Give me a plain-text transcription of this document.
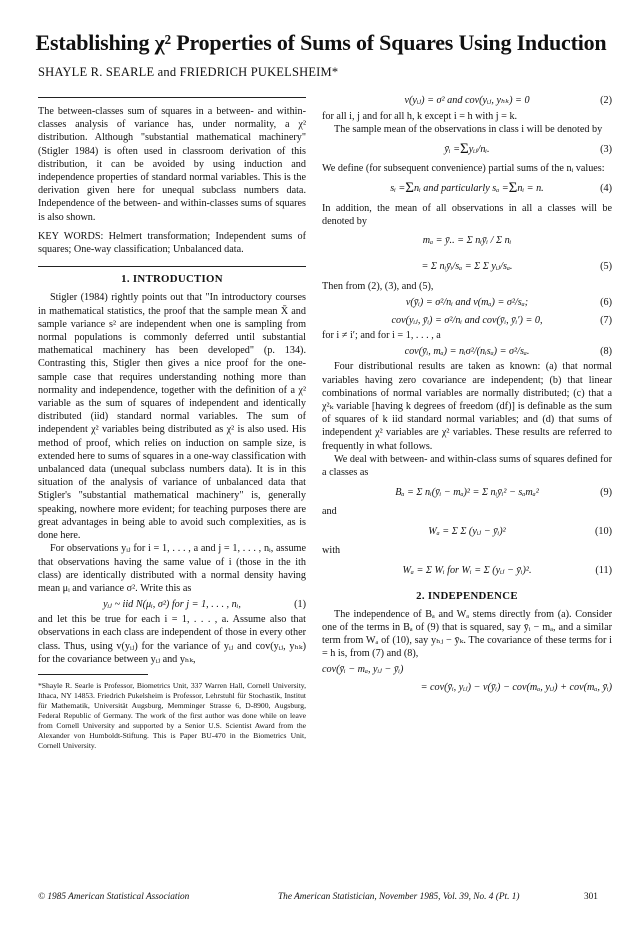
Establishing χ² Properties of Sums of Squares Using Induction
SHAYLE R. SEARLE and FRIEDRICH PUKELSHEIM*

The between-classes sum of squares in a between- and within-classes analysis of variance has, under normality, a χ² distribution. Although "substantial mathematical machinery" (Stigler 1984) is often used in classroom derivation of this distribution, it can be avoided by using induction and independence properties of standard normal variables. This is the derivation given here for unequal subclass numbers data. Independence of the between- and within-classes sums of squares is also shown.

KEY WORDS: Helmert transformation; Independent sums of squares; One-way classification; Unbalanced data.

1. INTRODUCTION

Stigler (1984) rightly points out that "In introductory courses in mathematical statistics, the proof that the sample mean X̄ and sample variance s² are independent when one is sampling from normal populations is commonly deferred until substantial mathematical machinery has been developed" (p. 134). Contrasting this, Stigler then gives a nice proof for the one-sample case that requires understanding nothing more than normality and independence, together with the definition of a χ² variable as the sum of squares of independent and identically distributed (iid) standard normal variables. The sum of independent χ² variables being distributed as χ² is also used. His method of proof, which relies on induction on sample size, is extended here to sums of squares in a one-way classification with unbalanced data (unequal subclass numbers data). It is in this situation of the analysis of variance of unbalanced data that Stigler's "substantial mathematical machinery" is, generally speaking, nowhere more evident; for teaching purposes there are great advantages in being able to avoid such complexities, as is done here.

For observations yᵢⱼ for i = 1, . . . , a and j = 1, . . . , nᵢ, assume that observations having the same value of i (those in the ith class) are identically distributed with a normal density having mean μᵢ and variance σ². Write this as

yᵢⱼ ~ iid N(μᵢ, σ²) for j = 1, . . . , nᵢ,	(1)

and let this be true for each i = 1, . . . , a. Assume also that observations in each class are independent of those in every other class. Thus, using v(yᵢⱼ) for the variance of yᵢⱼ and cov(yᵢⱼ, yₕₖ) for the covariance between yᵢⱼ and yₕₖ,

*Shayle R. Searle is Professor, Biometrics Unit, 337 Warren Hall, Cornell University, Ithaca, NY 14853. Friedrich Pukelsheim is Professor, Lehrstuhl für Stochastik, Institut für Mathematik, Universität Augsburg, Memminger Strasse 6, D-8900, Augsburg, Federal Republic of Germany. The work of the first author was done while on leave from Cornell University and supported by a Senior U.S. Scientist Award from the Alexander von Humboldt-Stiftung. This is Paper BU-470 in the Biometrics Unit, Cornell University.

v(yᵢⱼ) = σ² and cov(yᵢⱼ, yₕₖ) = 0	(2)

for all i, j and for all h, k except i = h with j = k.

The sample mean of the observations in class i will be denoted by

ȳᵢ = Σ yᵢⱼ/nᵢ.	(3)

We define (for subsequent convenience) partial sums of the nᵢ values:

sᵢ = Σ nᵢ and particularly sₐ = Σ nᵢ = n.	(4)

In addition, the mean of all observations in all a classes will be denoted by

mₐ = ȳ.. = Σ nᵢȳᵢ / Σ nᵢ
= Σ nᵢȳᵢ/sₐ = Σ Σ yᵢⱼ/sₐ.	(5)

Then from (2), (3), and (5),

v(ȳᵢ) = σ²/nᵢ and v(mₐ) = σ²/sₐ;	(6)
cov(yᵢⱼ, ȳᵢ) = σ²/nᵢ and cov(ȳᵢ, ȳᵢ′) = 0,	(7)

for i ≠ i′; and for i = 1, . . . , a

cov(ȳᵢ, mₐ) = nᵢσ²/(nᵢsₐ) = σ²/sₐ.	(8)

Four distributional results are taken as known: (a) that normal variables having zero covariance are independent; (b) that linear combinations of normal variables are normally distributed; (c) that a χ²ₖ variable [having k degrees of freedom (df)] is definable as the sum of squares of k iid standard normal variables; and (d) that sums of independent χ² variables are χ² variables. These results are referred to frequently in what follows.

We deal with between- and within-class sums of squares defined for a classes as

Bₐ = Σ nᵢ(ȳᵢ − mₐ)² = Σ nᵢȳᵢ² − sₐmₐ²	(9)

and

Wₐ = Σ Σ (yᵢⱼ − ȳᵢ)²	(10)

with

Wₐ = Σ Wᵢ for Wᵢ = Σ (yᵢⱼ − ȳᵢ)².	(11)
2. INDEPENDENCE

The independence of Bₐ and Wₐ stems directly from (a). Consider one of the terms in Bₐ of (9) that is squared, say ȳᵢ − mₐ, and a similar term from Wₐ of (10), say yₕⱼ − ȳₖ. The covariance of these terms for i = h is, from (7) and (8),

cov(ȳᵢ − mₐ, yᵢⱼ − ȳᵢ)
= cov(ȳᵢ, yᵢⱼ) − v(ȳᵢ) − cov(mₐ, yᵢⱼ) + cov(mₐ, ȳᵢ)
© 1985 American Statistical Association	The American Statistician, November 1985, Vol. 39, No. 4 (Pt. 1)	301
